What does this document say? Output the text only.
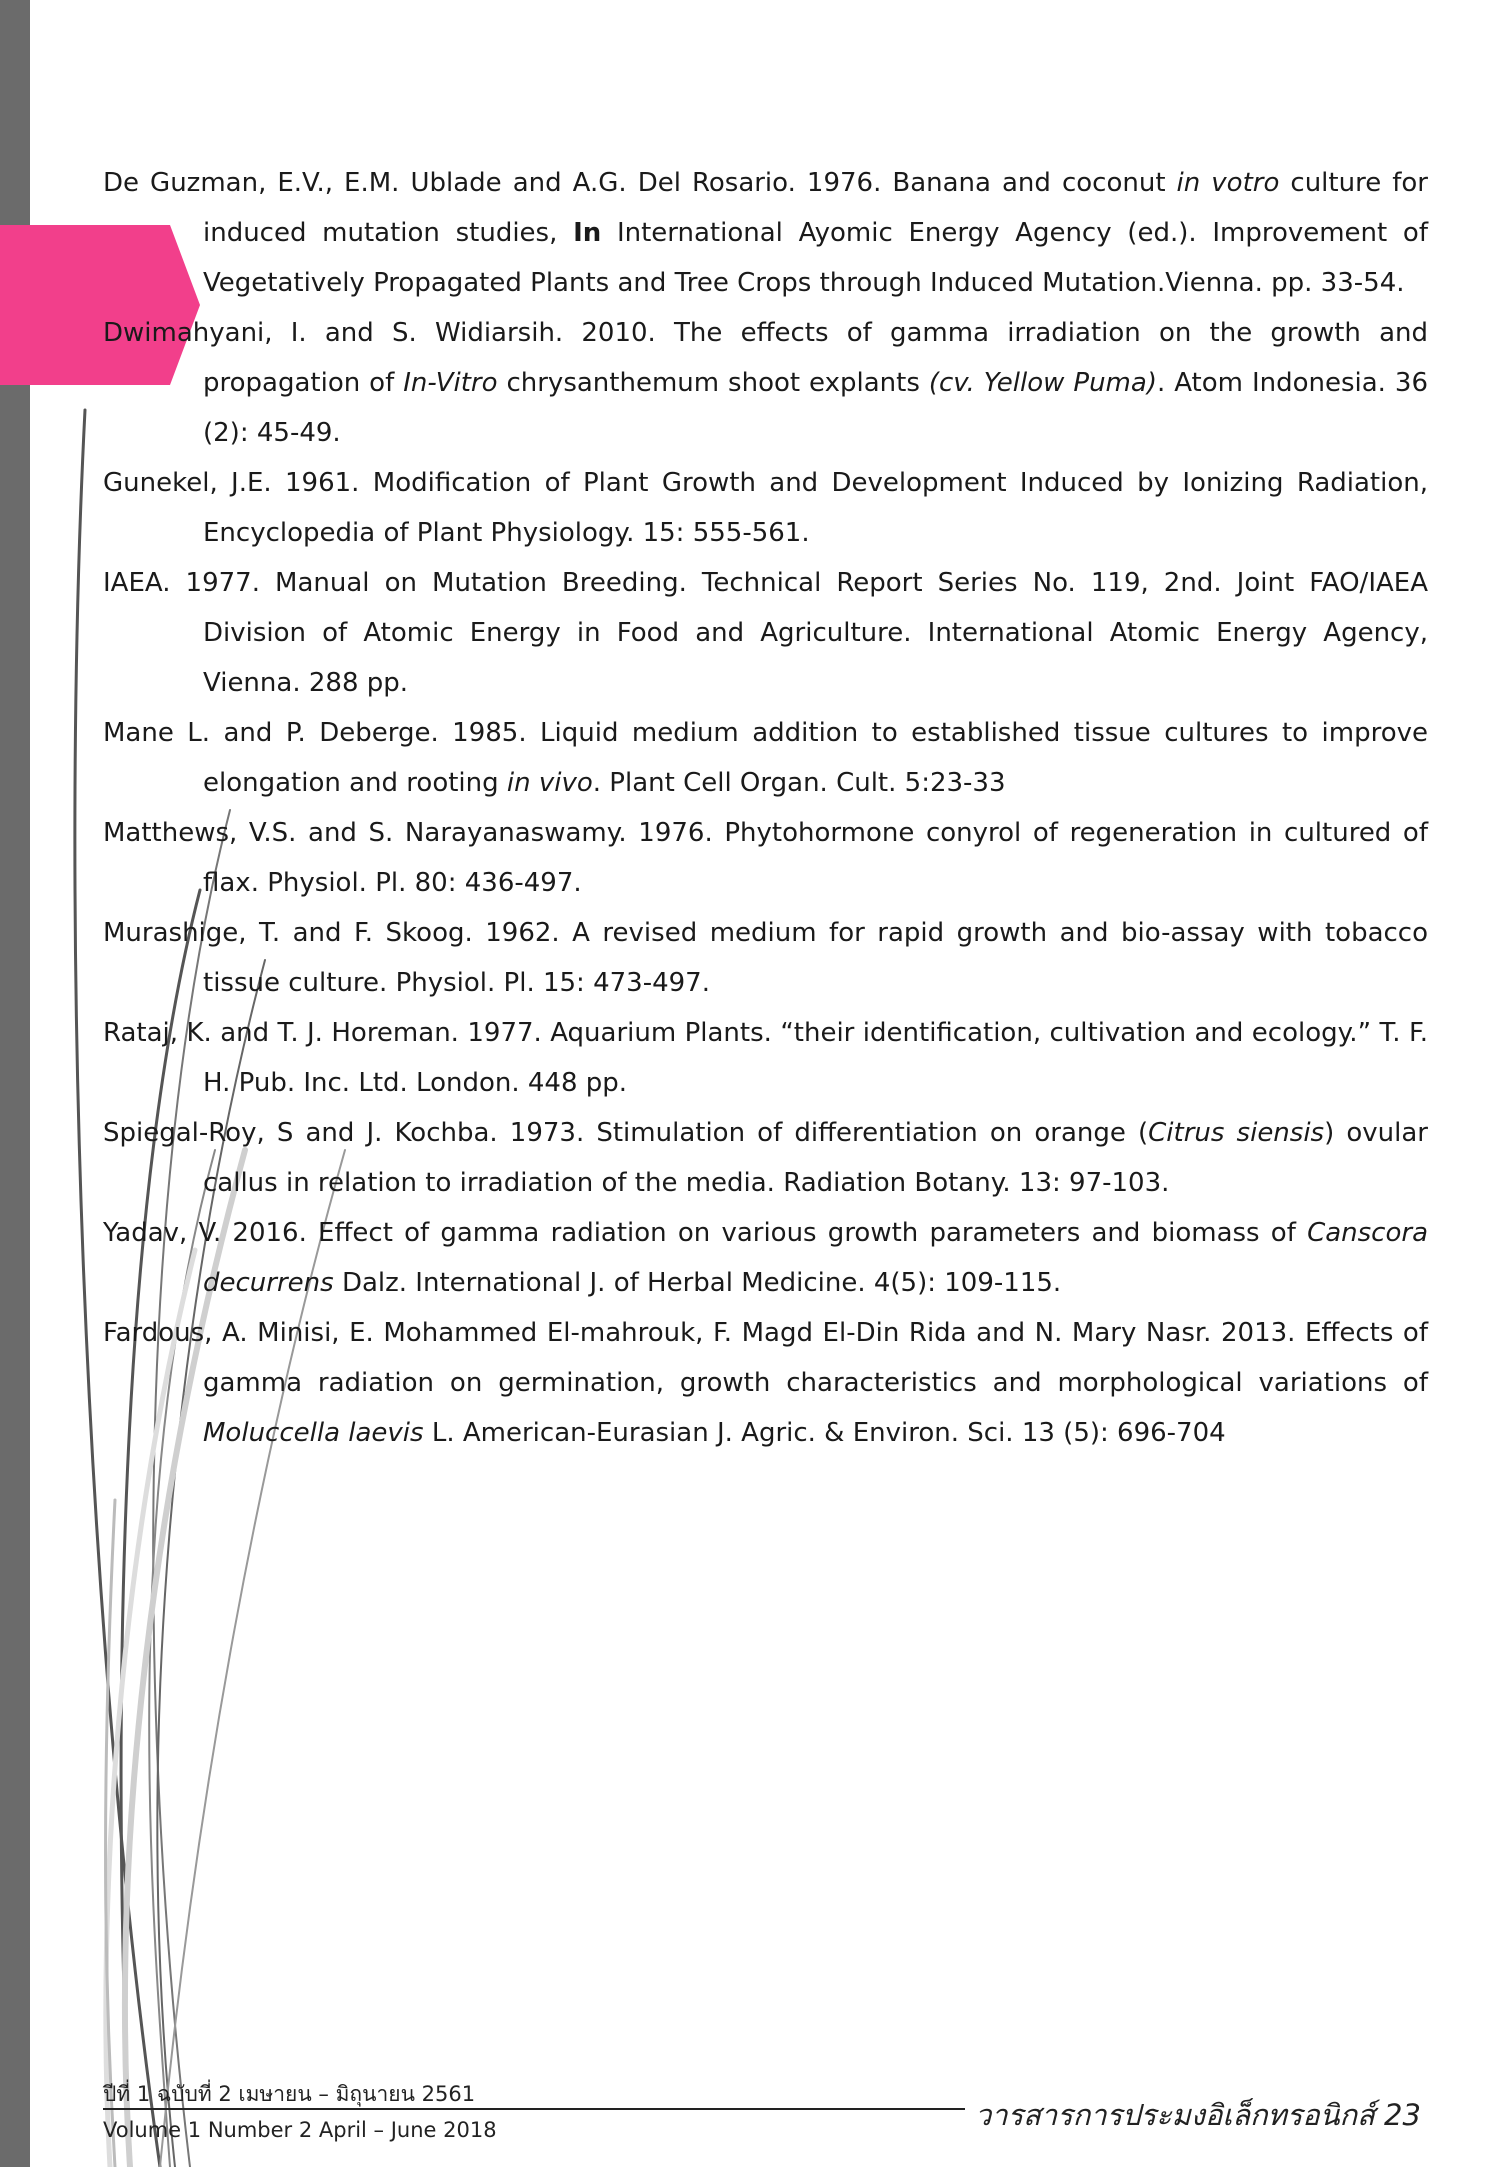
De Guzman, E.V., E.M. Ublade and A.G. Del Rosario. 1976. Banana and coconut in votro culture for induced mutation studies, In International Ayomic Energy Agency (ed.). Improvement of Vegetatively Propagated Plants and Tree Crops through Induced Mutation.Vienna. pp. 33-54.

Dwimahyani, I. and S. Widiarsih. 2010. The effects of gamma irradiation on the growth and propagation of In-Vitro chrysanthemum shoot explants (cv. Yellow Puma). Atom Indonesia. 36 (2): 45-49.

Gunekel, J.E. 1961. Modification of Plant Growth and Development Induced by Ionizing Radiation, Encyclopedia of Plant Physiology. 15: 555-561.

IAEA. 1977. Manual on Mutation Breeding. Technical Report Series No. 119, 2nd. Joint FAO/IAEA Division of Atomic Energy in Food and Agriculture. International Atomic Energy Agency, Vienna. 288 pp.

Mane L. and P. Deberge. 1985. Liquid medium addition to established tissue cultures to improve elongation and rooting in vivo. Plant Cell Organ. Cult. 5:23-33

Matthews, V.S. and S. Narayanaswamy. 1976. Phytohormone conyrol of regeneration in cultured of flax. Physiol. Pl. 80: 436-497.

Murashige, T. and F. Skoog. 1962. A revised medium for rapid growth and bio-assay with tobacco tissue culture. Physiol. Pl. 15: 473-497.

Rataj, K. and T. J. Horeman. 1977. Aquarium Plants. “their identification, cultivation and ecology.” T. F. H. Pub. Inc. Ltd. London. 448 pp.

Spiegal-Roy, S and J. Kochba. 1973. Stimulation of differentiation on orange (Citrus siensis) ovular callus in relation to irradiation of the media. Radiation Botany. 13: 97-103.

Yadav, V. 2016. Effect of gamma radiation on various growth parameters and biomass of Canscora decurrens Dalz. International J. of Herbal Medicine. 4(5): 109-115.

Fardous, A. Minisi, E. Mohammed El-mahrouk, F. Magd El-Din Rida and N. Mary Nasr. 2013. Effects of gamma radiation on germination, growth characteristics and morphological variations of Moluccella laevis L. American-Eurasian J. Agric. & Environ. Sci. 13 (5): 696-704

ปีที่ 1 ฉบับที่ 2 เมษายน – มิถุนายน 2561
Volume 1 Number 2 April – June 2018	วารสารการประมงอิเล็กทรอนิกส์ 23
